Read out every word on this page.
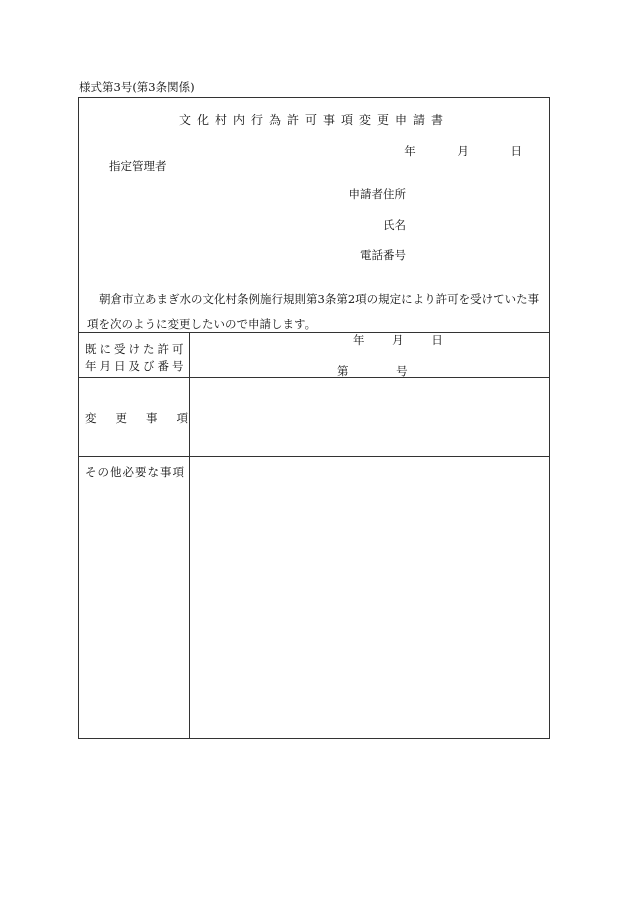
様式第3号(第3条関係)
文化村内行為許可事項変更申請書
年	月	日
指定管理者
申請者住所
氏名
電話番号
朝倉市立あまぎ水の文化村条例施行規則第3条第2項の規定により許可を受けていた事項を次のように変更したいので申請します。
既に受けた許可
年月日及び番号
年 月 日
第	号
変 更 事 項
その他必要な事項
